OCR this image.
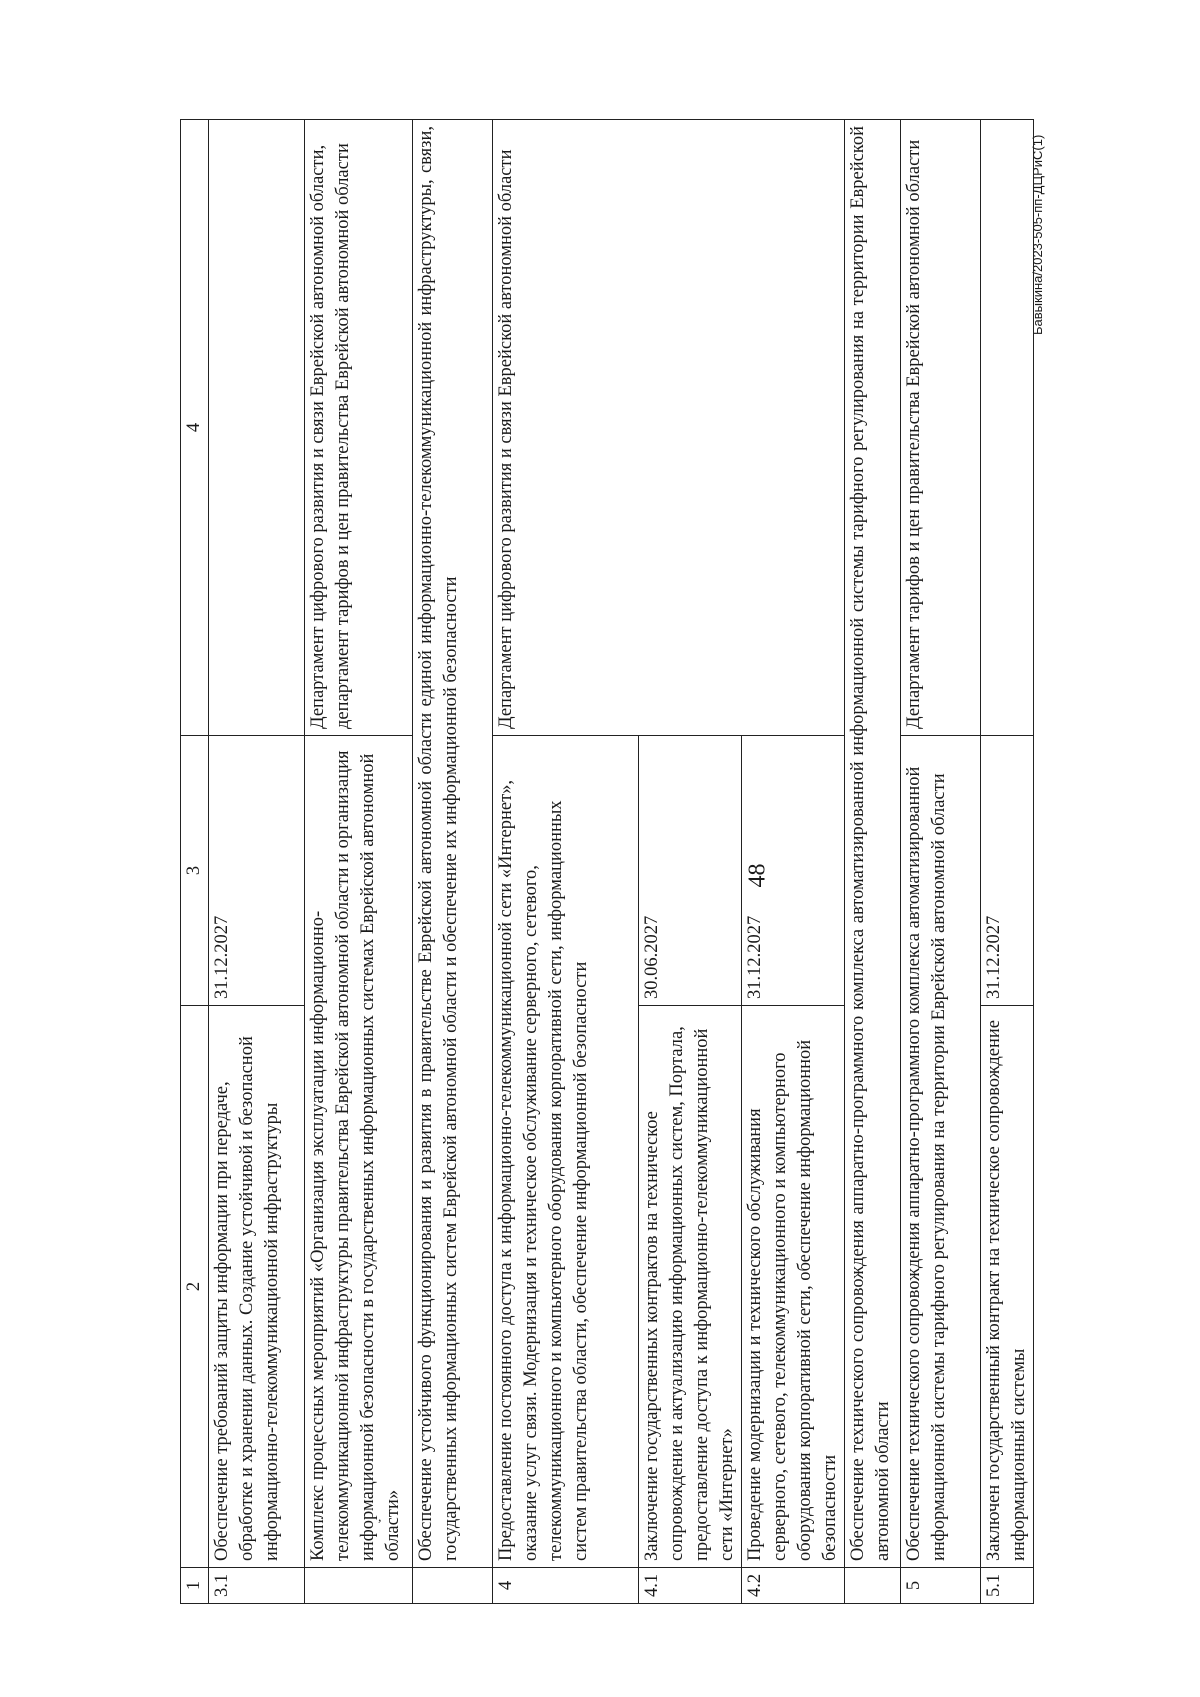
48
Бавыкина/2023-505-пп-ДЦРиС(1)
,
1	2	3	4
3.1	Обеспечение требований защиты информации при передаче, обработке и хранении данных. Создание устойчивой и безопасной информационно-телекоммуникационной инфраструктуры	31.12.2027	
	Комплекс процессных мероприятий «Организация эксплуатации информационно-телекоммуникационной инфраструктуры правительства Еврейской автономной области и организация информационной безопасности в государственных информационных системах Еврейской автономной области»		Департамент цифрового развития и связи Еврейской автономной области, департамент тарифов и цен правительства Еврейской автономной области
	Обеспечение устойчивого функционирования и развития в правительстве Еврейской автономной области единой информационно-телекоммуникационной инфраструктуры, связи, государственных информационных систем Еврейской автономной области и обеспечение их информационной безопасности		
4	Предоставление постоянного доступа к информационно-телекоммуникационной сети «Интернет», оказание услуг связи. Модернизация и техническое обслуживание серверного, сетевого, телекоммуникационного и компьютерного оборудования корпоративной сети, информационных систем правительства области, обеспечение информационной безопасности		Департамент цифрового развития и связи Еврейской автономной области
4.1	Заключение государственных контрактов на техническое сопровождение и актуализацию информационных систем, Портала, предоставление доступа к информационно-телекоммуникационной сети «Интернет»	30.06.2027	
4.2	Проведение модернизации и технического обслуживания серверного, сетевого, телекоммуникационного и компьютерного оборудования корпоративной сети, обеспечение информационной безопасности	31.12.2027	
	Обеспечение технического сопровождения аппаратно-программного комплекса автоматизированной информационной системы тарифного регулирования на территории Еврейской автономной области		
5	Обеспечение технического сопровождения аппаратно-программного комплекса автоматизированной информационной системы тарифного регулирования на территории Еврейской автономной области		Департамент тарифов и цен правительства Еврейской автономной области
5.1	Заключен государственный контракт на техническое сопровождение информационный системы	31.12.2027	
